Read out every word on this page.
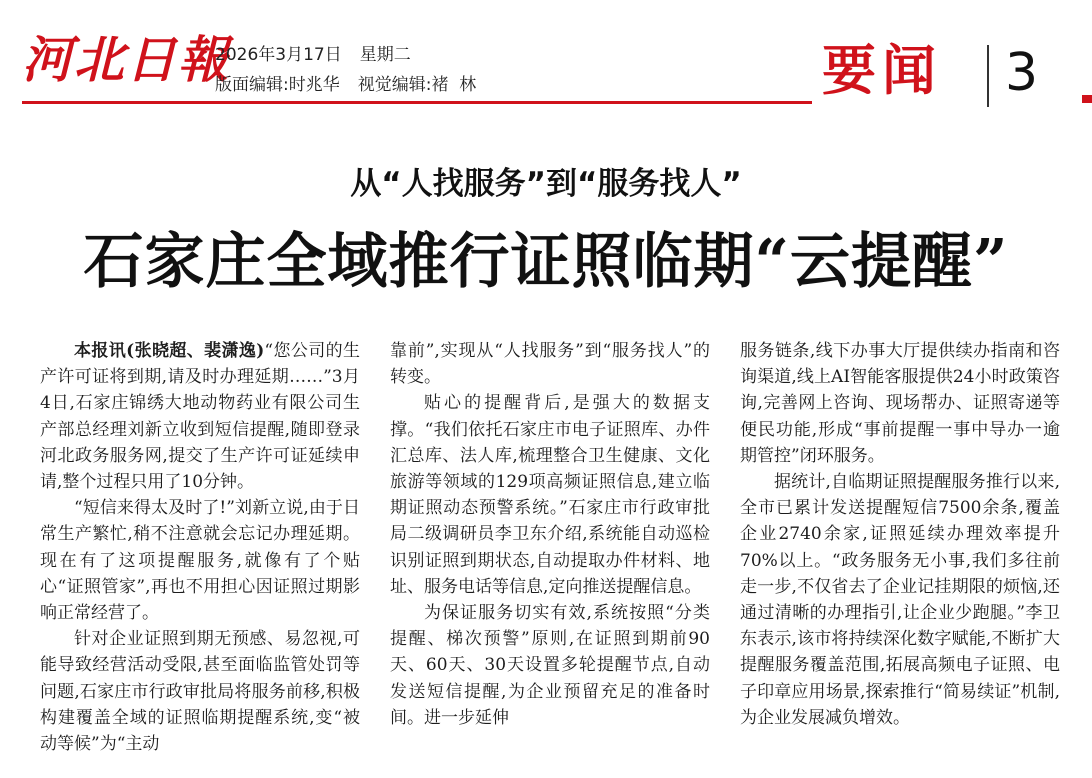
河北日報
2026年3月17日 星期二
版面编辑:时兆华 视觉编辑:褚  林	要闻 3
从“人找服务”到“服务找人”
石家庄全域推行证照临期“云提醒”

本报讯(张晓超、裴潇逸)“您公司的生产许可证将到期,请及时办理延期……”3月4日,石家庄锦绣大地动物药业有限公司生产部总经理刘新立收到短信提醒,随即登录河北政务服务网,提交了生产许可证延续申请,整个过程只用了10分钟。

“短信来得太及时了!”刘新立说,由于日常生产繁忙,稍不注意就会忘记办理延期。现在有了这项提醒服务,就像有了个贴心“证照管家”,再也不用担心因证照过期影响正常经营了。

针对企业证照到期无预感、易忽视,可能导致经营活动受限,甚至面临监管处罚等问题,石家庄市行政审批局将服务前移,积极构建覆盖全域的证照临期提醒系统,变“被动等候”为“主动

靠前”,实现从“人找服务”到“服务找人”的转变。

贴心的提醒背后,是强大的数据支撑。“我们依托石家庄市电子证照库、办件汇总库、法人库,梳理整合卫生健康、文化旅游等领域的129项高频证照信息,建立临期证照动态预警系统。”石家庄市行政审批局二级调研员李卫东介绍,系统能自动巡检识别证照到期状态,自动提取办件材料、地址、服务电话等信息,定向推送提醒信息。

为保证服务切实有效,系统按照“分类提醒、梯次预警”原则,在证照到期前90天、60天、30天设置多轮提醒节点,自动发送短信提醒,为企业预留充足的准备时间。进一步延伸

服务链条,线下办事大厅提供续办指南和咨询渠道,线上AI智能客服提供24小时政策咨询,完善网上咨询、现场帮办、证照寄递等便民功能,形成“事前提醒一事中导办一逾期管控”闭环服务。

据统计,自临期证照提醒服务推行以来,全市已累计发送提醒短信7500余条,覆盖企业2740余家,证照延续办理效率提升70%以上。“政务服务无小事,我们多往前走一步,不仅省去了企业记挂期限的烦恼,还通过清晰的办理指引,让企业少跑腿。”李卫东表示,该市将持续深化数字赋能,不断扩大提醒服务覆盖范围,拓展高频电子证照、电子印章应用场景,探索推行“简易续证”机制,为企业发展减负增效。
